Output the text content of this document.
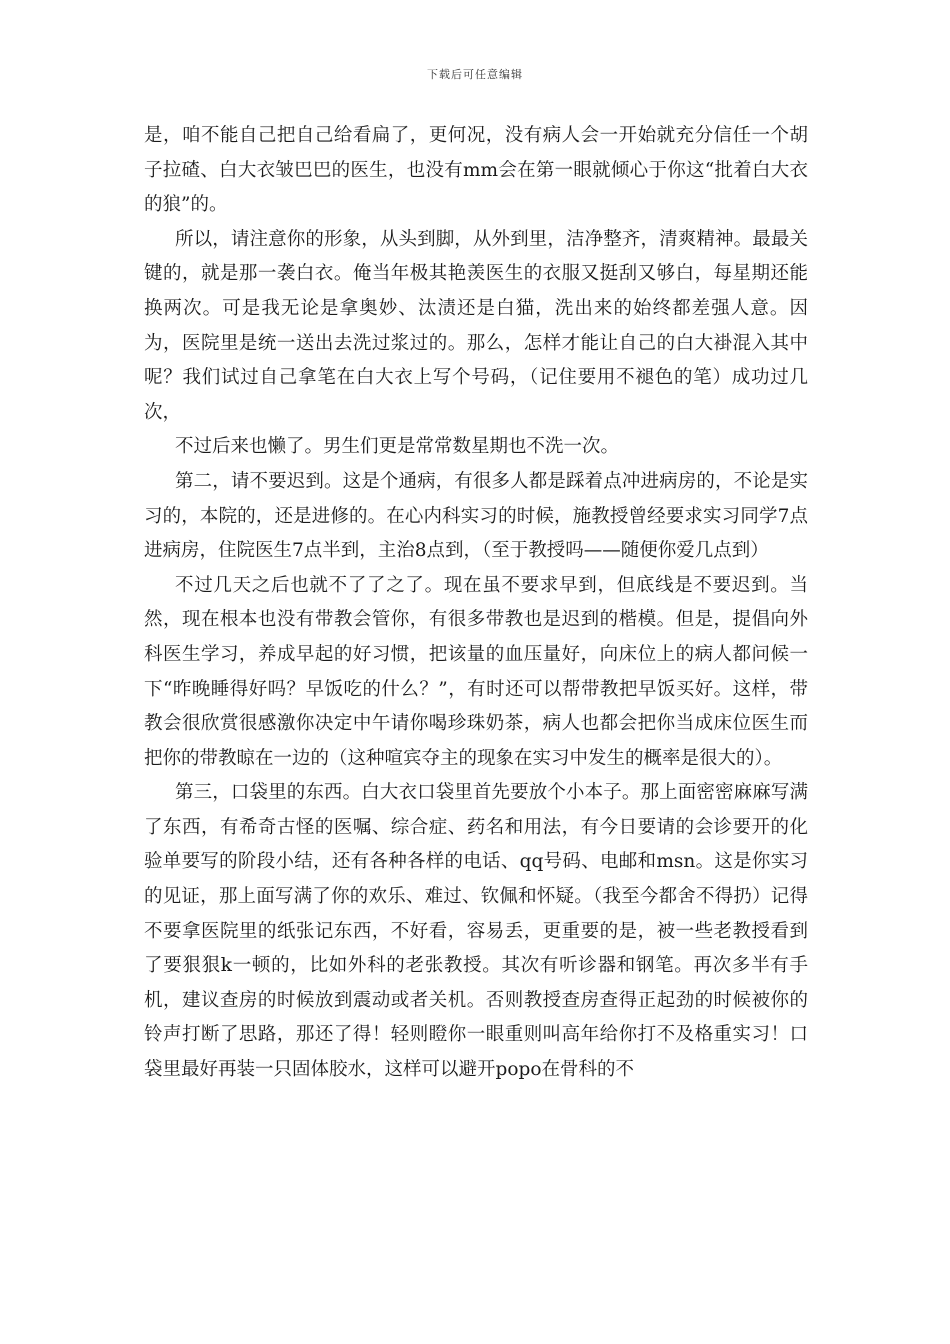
下载后可任意编辑

是，咱不能自己把自己给看扁了，更何况，没有病人会一开始就充分信任一个胡子拉碴、白大衣皱巴巴的医生，也没有mm会在第一眼就倾心于你这“批着白大衣的狼”的。

所以，请注意你的形象，从头到脚，从外到里，洁净整齐，清爽精神。最最关键的，就是那一袭白衣。俺当年极其艳羡医生的衣服又挺刮又够白，每星期还能换两次。可是我无论是拿奥妙、汰渍还是白猫，洗出来的始终都差强人意。因为，医院里是统一送出去洗过浆过的。那么，怎样才能让自己的白大褂混入其中呢？我们试过自己拿笔在白大衣上写个号码，（记住要用不褪色的笔）成功过几次，

不过后来也懒了。男生们更是常常数星期也不洗一次。

第二，请不要迟到。这是个通病，有很多人都是踩着点冲进病房的，不论是实习的，本院的，还是进修的。在心内科实习的时候，施教授曾经要求实习同学7点进病房，住院医生7点半到，主治8点到，（至于教授吗——随便你爱几点到）

不过几天之后也就不了了之了。现在虽不要求早到，但底线是不要迟到。当然，现在根本也没有带教会管你，有很多带教也是迟到的楷模。但是，提倡向外科医生学习，养成早起的好习惯，把该量的血压量好，向床位上的病人都问候一下“昨晚睡得好吗？早饭吃的什么？”，有时还可以帮带教把早饭买好。这样，带教会很欣赏很感激你决定中午请你喝珍珠奶茶，病人也都会把你当成床位医生而把你的带教晾在一边的（这种喧宾夺主的现象在实习中发生的概率是很大的）。

第三，口袋里的东西。白大衣口袋里首先要放个小本子。那上面密密麻麻写满了东西，有希奇古怪的医嘱、综合症、药名和用法，有今日要请的会诊要开的化验单要写的阶段小结，还有各种各样的电话、qq号码、电邮和msn。这是你实习的见证，那上面写满了你的欢乐、难过、钦佩和怀疑。（我至今都舍不得扔）记得不要拿医院里的纸张记东西，不好看，容易丢，更重要的是，被一些老教授看到了要狠狠k一顿的，比如外科的老张教授。其次有听诊器和钢笔。再次多半有手机，建议查房的时候放到震动或者关机。否则教授查房查得正起劲的时候被你的铃声打断了思路，那还了得！轻则瞪你一眼重则叫高年给你打不及格重实习！口袋里最好再装一只固体胶水，这样可以避开popo在骨科的不
